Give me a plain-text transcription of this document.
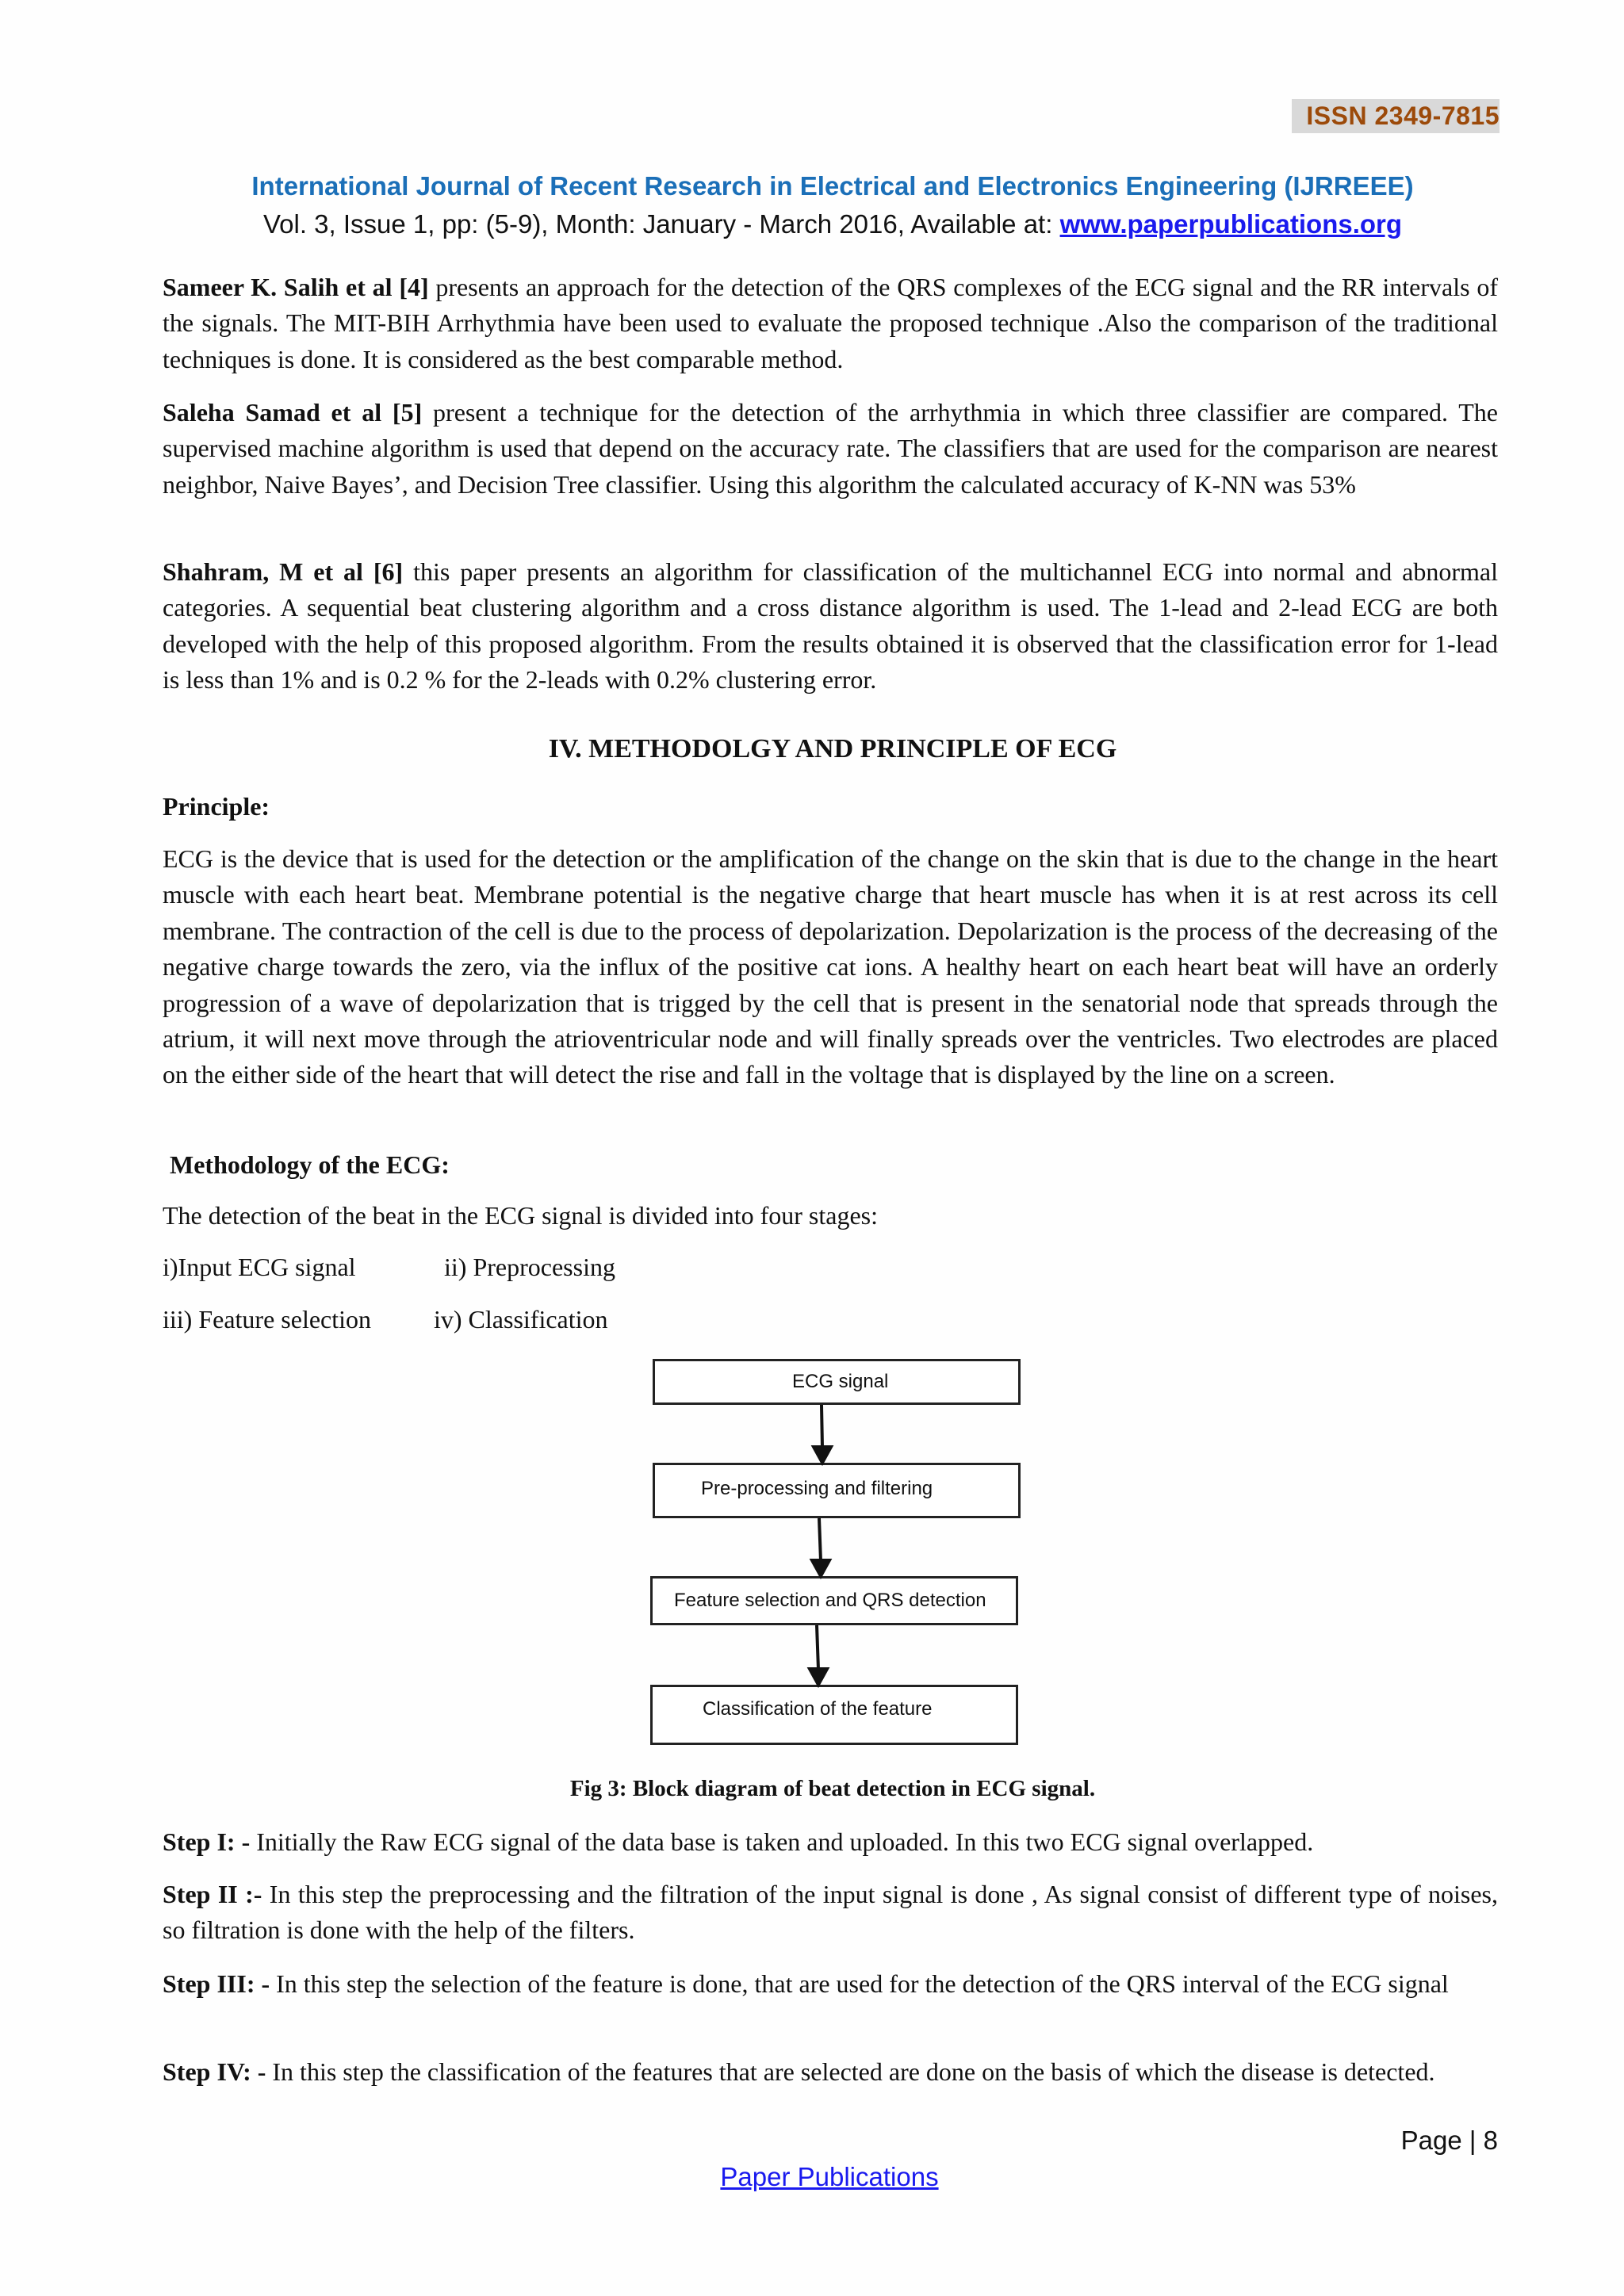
ISSN 2349-7815
International Journal of Recent Research in Electrical and Electronics Engineering (IJRREEE)
Vol. 3, Issue 1, pp: (5-9), Month: January - March 2016, Available at: www.paperpublications.org

Sameer K. Salih et al [4] presents an approach for the detection of the QRS complexes of the ECG signal and the RR intervals of the signals. The MIT-BIH Arrhythmia have been used to evaluate the proposed technique .Also the comparison of the traditional techniques is done. It is considered as the best comparable method.

Saleha Samad et al [5] present a technique for the detection of the arrhythmia in which three classifier are compared. The supervised machine algorithm is used that depend on the accuracy rate. The classifiers that are used for the comparison are nearest neighbor, Naive Bayes’, and Decision Tree classifier. Using this algorithm the calculated accuracy of K-NN was 53%

Shahram, M et al [6] this paper presents an algorithm for classification of the multichannel ECG into normal and abnormal categories. A sequential beat clustering algorithm and a cross distance algorithm is used. The 1-lead and 2-lead ECG are both developed with the help of this proposed algorithm. From the results obtained it is observed that the classification error for 1-lead is less than 1% and is 0.2 % for the 2-leads with 0.2% clustering error.

IV. METHODOLGY AND PRINCIPLE OF ECG
Principle:

ECG is the device that is used for the detection or the amplification of the change on the skin that is due to the change in the heart muscle with each heart beat. Membrane potential is the negative charge that heart muscle has when it is at rest across its cell membrane. The contraction of the cell is due to the process of depolarization. Depolarization is the process of the decreasing of the negative charge towards the zero, via the influx of the positive cat ions. A healthy heart on each heart beat will have an orderly progression of a wave of depolarization that is trigged by the cell that is present in the senatorial node that spreads through the atrium, it will next move through the atrioventricular node and will finally spreads over the ventricles. Two electrodes are placed on the either side of the heart that will detect the rise and fall in the voltage that is displayed by the line on a screen.

Methodology of the ECG:
The detection of the beat in the ECG signal is divided into four stages:
i)Input ECG signal	ii) Preprocessing
iii) Feature selection iv) Classification
ECG signal
Pre-processing and filtering
Feature selection and QRS detection
Classification of the feature
Fig 3: Block diagram of beat detection in ECG signal.

Step I: - Initially the Raw ECG signal of the data base is taken and uploaded. In this two ECG signal overlapped.

Step II :- In this step the preprocessing and the filtration of the input signal is done , As signal consist of different type of noises, so filtration is done with the help of the filters.

Step III: - In this step the selection of the feature is done, that are used for the detection of the QRS interval of the ECG signal

Step IV: - In this step the classification of the features that are selected are done on the basis of which the disease is detected.

Page | 8
Paper Publications
